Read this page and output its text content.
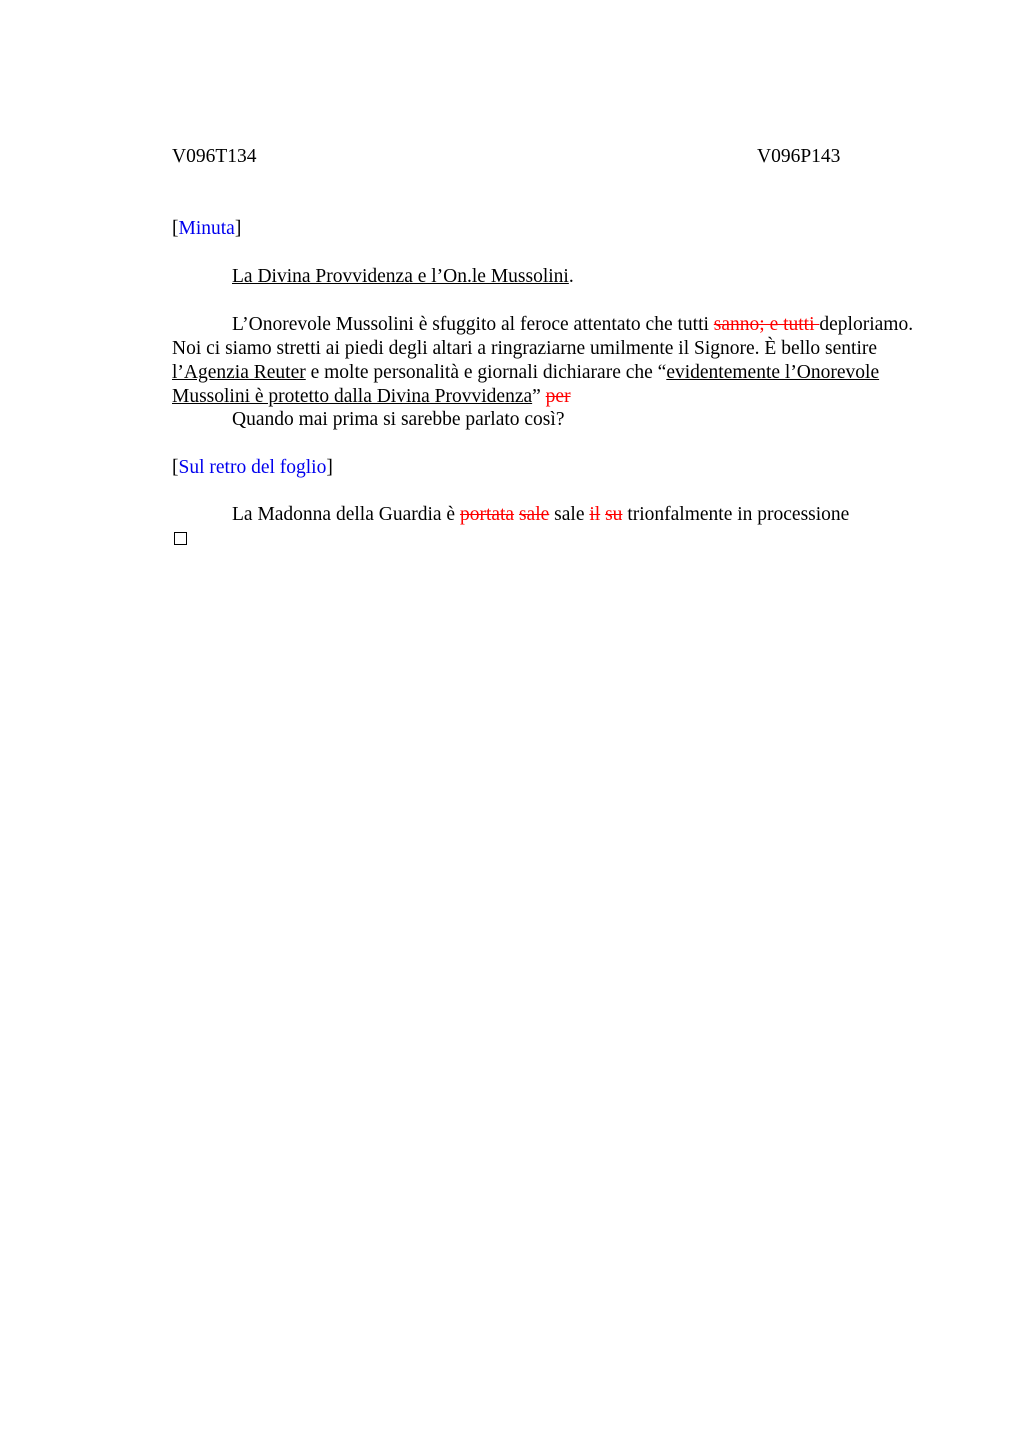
V096T134	V096P143
[Minuta]
La Divina Provvidenza e l’On.le Mussolini.
L’Onorevole Mussolini è sfuggito al feroce attentato che tutti sanno; e tutti deploriamo. Noi ci siamo stretti ai piedi degli altari a ringraziarne umilmente il Signore. È bello sentire l’Agenzia Reuter e molte personalità e giornali dichiarare che “evidentemente l’Onorevole Mussolini è protetto dalla Divina Provvidenza” per
Quando mai prima si sarebbe parlato così?
[Sul retro del foglio]
La Madonna della Guardia è portata sale sale il su trionfalmente in processione
